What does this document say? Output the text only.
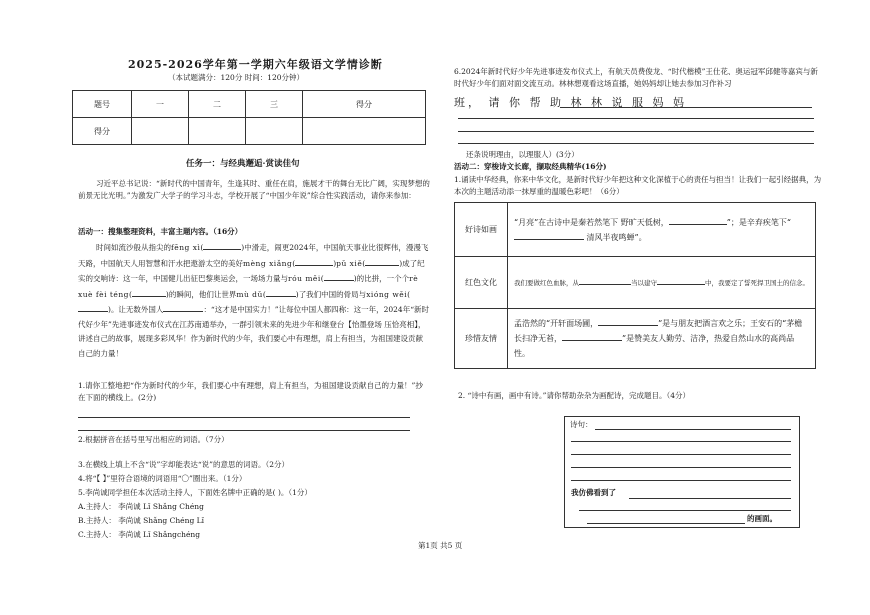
2025-2026学年第一学期六年级语文学情诊断
（本试题满分：120分 时间：120分钟）
题号	一	二	三	得分
得分				
任务一：与经典邂逅·赏读佳句
习近平总书记说：“新时代的中国青年，生逢其时、重任在肩，施展才干的舞台无比广阔，实现梦想的前景无比光明。”为激发广大学子的学习斗志，学校开展了“中国少年说”综合性实践活动，请你来参加：
活动一：搜集整理资料，丰富主题内容。（16分）
时间如流沙般从指尖的fēng xì(	)中滑走，闹更2024年，中国航天事业比很辉伟，漫漫飞天路，中国航天人用智慧和汗水把遨游太空的美好mèng xiǎng(	)pǔ xiě(	)成了纪实的交响诗：这一年，中国健儿出征巴黎奥运会，一场场力量与róu měi(	)的比拼，一个个rè xuè fèi téng(	)的瞬间，他们让世界mù dǔ(	)了我们中国的骨局与xióng wěi()。让无数外国人	：“这才是中国实力！”让每位中国人都四称：这一年，2024年“新时代好少年”先进事迹发布仪式在江苏南通举办，一群引领未来的先进少年和继登台【怡墨登场 压恰亮相】，讲述自己的故事，展现多彩风华！作为新时代的少年，我们要心中有理想，肩上有担当，为祖国建设贡献自己的力量！
1.请你工整地把“作为新时代的少年，我们要心中有理想，肩上有担当，为祖国建设贡献自己的力量！”抄在下面的横线上。(2分)
2.根据拼音在括号里写出相应的词语。（7分）
3.在横线上填上不含“说”字却能表达“说”的意思的词语。（2分）
4.将“【 】”里符合语境的词语用“〇”圈出来。（1分）
5.李尚诚同学担任本次活动主持人，下面姓名牌中正确的是( )。（1分）
A.主持人： 李尚诚 Lǐ Shǎng Chéng
B.主持人： 李尚诚 Shǎng Chéng Lǐ
C.主持人： 李尚诚 Lǐ Shǎngchéng
6.2024年新时代好少年先进事迹发布仪式上，有航天员费俊龙、“时代楷模”王仕花、奥运冠军邱健等嘉宾与新时代好少年们面对面交流互动。林林想观看这场直播，她妈妈却让她去参加习作补习
班， 请 你 帮 助 林 林 说 服 妈 妈
还条说明理由，以理服人）(3分）
活动二：穿梭诗文长廊，撷取经典精华(16分)
1.诵读中华经典，你来中华文化，是新时代好少年把这种文化深植于心的责任与担当！让我们一起引经据典，为本次的主题活动添一抹厚重的温暖色彩吧！（6分）
好诗如画	“月亮”在古诗中是秦若然笔下 野旷天低树， ”；是辛弃疾笔下“ 清风半夜鸣蝉”。
红色文化	我们要做红色血脉，从 当以建守 中，我要定了誓死捍卫国土的信念。
珍惜友情	孟浩然的“开轩面场圃， ”是与朋友把酒言欢之乐；王安石的“茅檐长扫净无苔， ”是赞美友人勤劳、洁净，热爱自然山水的高尚品性。
2. “诗中有画，画中有诗。”请你帮助杂杂为画配诗，完成题目。（4分）
诗句：
我仿佛看到了
的画面。
第1页 共5 页
